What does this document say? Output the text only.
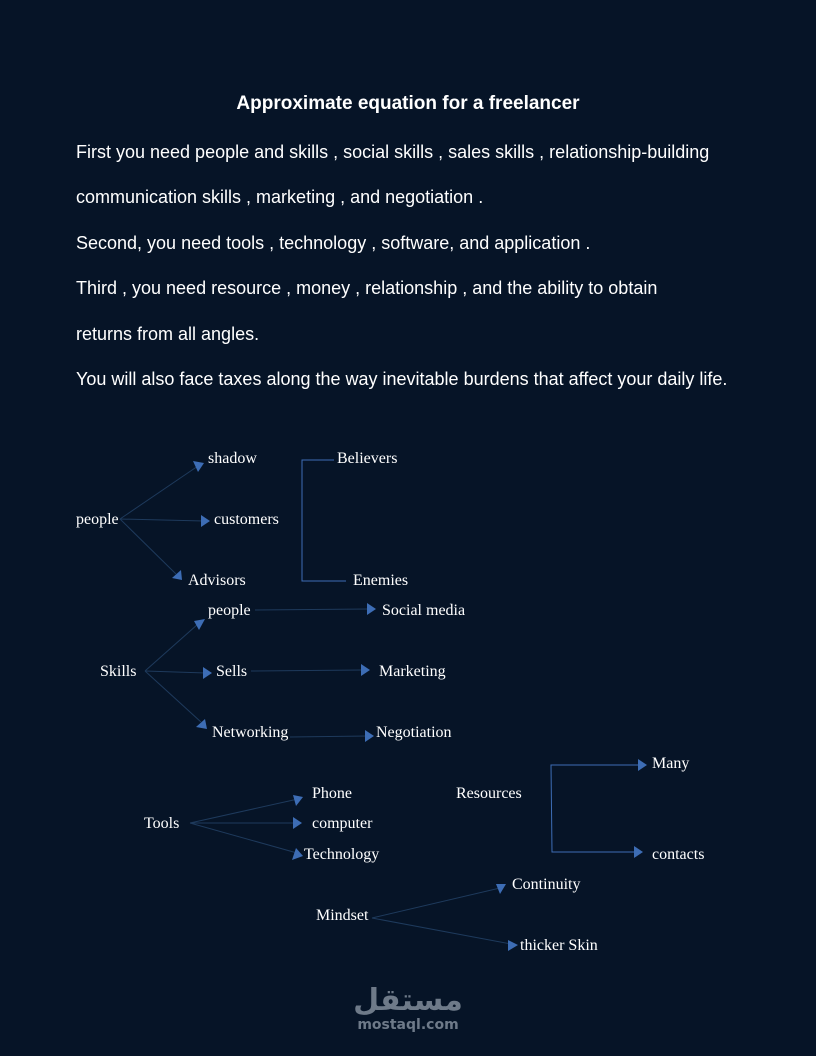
Approximate equation for a freelancer
First you need people and skills , social skills , sales skills , relationship-building
communication skills , marketing , and negotiation .
Second, you need tools , technology , software, and application .
Third , you need resource , money , relationship , and the ability to obtain
returns from all angles.
You will also face taxes along the way inevitable burdens that affect your daily life.
people
shadow
customers
Advisors
Believers
Enemies
Skills
people
Sells
Networking
Social media
Marketing
Negotiation
Tools
Phone
computer
Technology
Resources
Many
contacts
Mindset
Continuity
thicker Skin
مستقل
mostaql.com
